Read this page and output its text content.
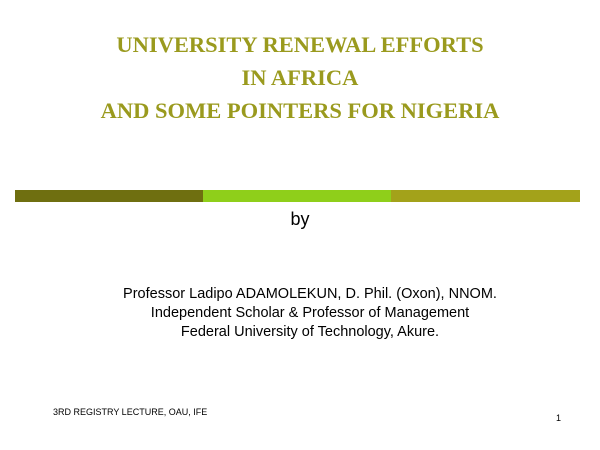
UNIVERSITY RENEWAL EFFORTS
IN AFRICA
AND SOME POINTERS FOR NIGERIA
by
Professor Ladipo ADAMOLEKUN, D. Phil. (Oxon), NNOM.
Independent Scholar & Professor of Management
Federal University of Technology, Akure.
3RD REGISTRY LECTURE, OAU, IFE
1
